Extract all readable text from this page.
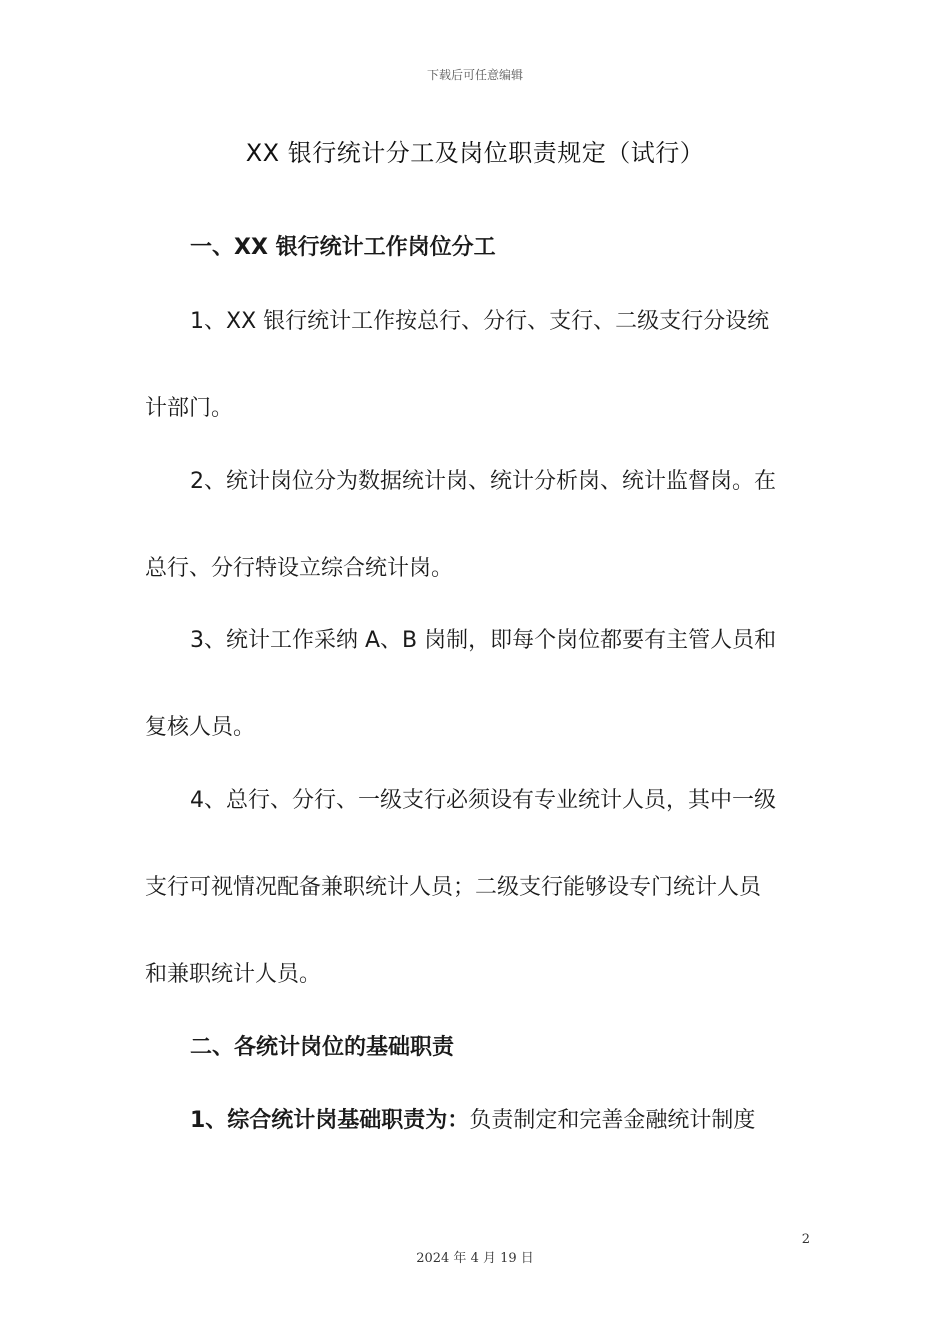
下载后可任意编辑
XX 银行统计分工及岗位职责规定（试行）
一、XX 银行统计工作岗位分工
1、XX 银行统计工作按总行、分行、支行、二级支行分设统
计部门。
2、统计岗位分为数据统计岗、统计分析岗、统计监督岗。在
总行、分行特设立综合统计岗。
3、统计工作采纳 A、B 岗制，即每个岗位都要有主管人员和
复核人员。
4、总行、分行、一级支行必须设有专业统计人员，其中一级
支行可视情况配备兼职统计人员；二级支行能够设专门统计人员
和兼职统计人员。
二、各统计岗位的基础职责
1、综合统计岗基础职责为：负责制定和完善金融统计制度
2
2024 年 4 月 19 日
